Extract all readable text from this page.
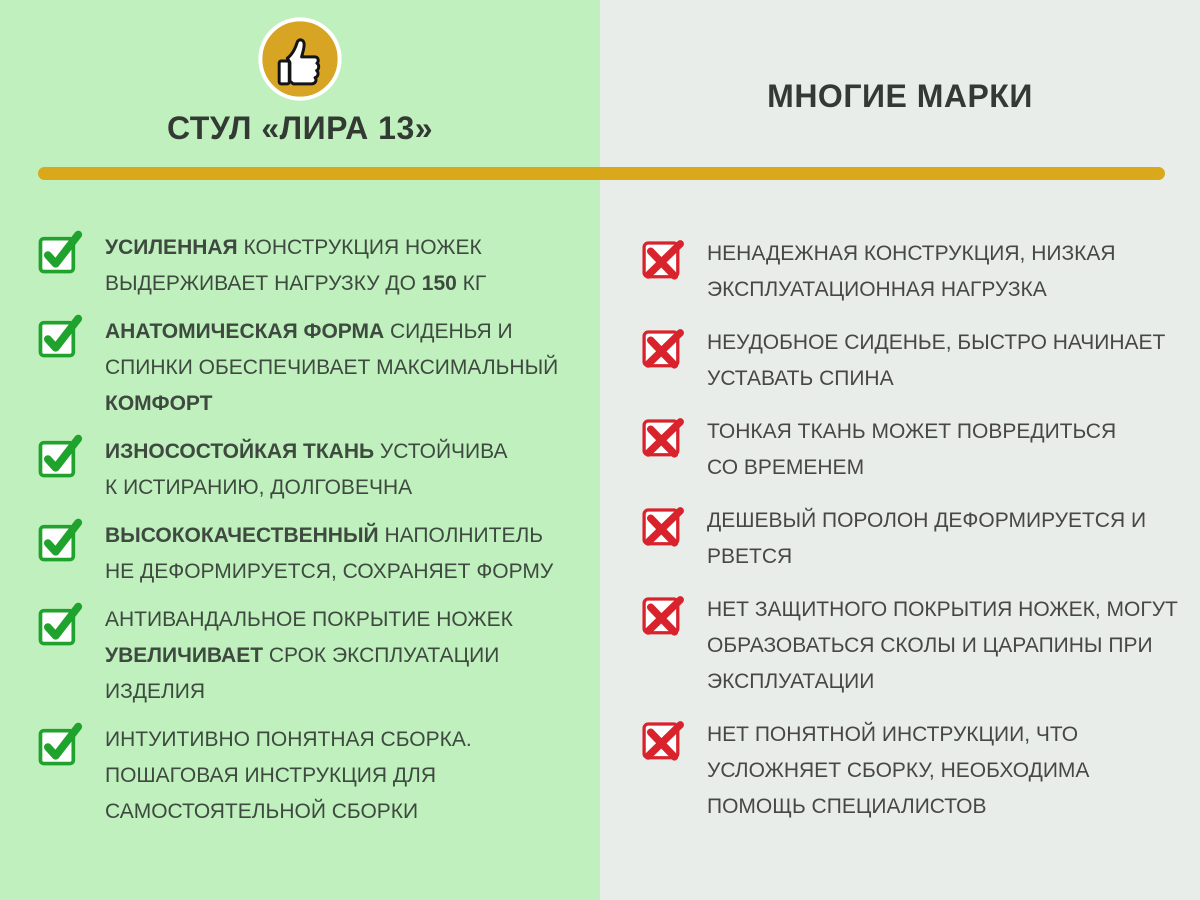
СТУЛ «ЛИРА 13»
МНОГИЕ МАРКИ

УСИЛЕННАЯ КОНСТРУКЦИЯ НОЖЕК
ВЫДЕРЖИВАЕТ НАГРУЗКУ ДО 150 КГ

АНАТОМИЧЕСКАЯ ФОРМА СИДЕНЬЯ И
СПИНКИ ОБЕСПЕЧИВАЕТ МАКСИМАЛЬНЫЙ
КОМФОРТ

ИЗНОСОСТОЙКАЯ ТКАНЬ УСТОЙЧИВА
К ИСТИРАНИЮ, ДОЛГОВЕЧНА

ВЫСОКОКАЧЕСТВЕННЫЙ НАПОЛНИТЕЛЬ
НЕ ДЕФОРМИРУЕТСЯ, СОХРАНЯЕТ ФОРМУ

АНТИВАНДАЛЬНОЕ ПОКРЫТИЕ НОЖЕК
УВЕЛИЧИВАЕТ СРОК ЭКСПЛУАТАЦИИ
ИЗДЕЛИЯ

ИНТУИТИВНО ПОНЯТНАЯ СБОРКА.
ПОШАГОВАЯ ИНСТРУКЦИЯ ДЛЯ
САМОСТОЯТЕЛЬНОЙ СБОРКИ

НЕНАДЕЖНАЯ КОНСТРУКЦИЯ, НИЗКАЯ
ЭКСПЛУАТАЦИОННАЯ НАГРУЗКА

НЕУДОБНОЕ СИДЕНЬЕ, БЫСТРО НАЧИНАЕТ
УСТАВАТЬ СПИНА

ТОНКАЯ ТКАНЬ МОЖЕТ ПОВРЕДИТЬСЯ
СО ВРЕМЕНЕМ

ДЕШЕВЫЙ ПОРОЛОН ДЕФОРМИРУЕТСЯ И
РВЕТСЯ

НЕТ ЗАЩИТНОГО ПОКРЫТИЯ НОЖЕК, МОГУТ
ОБРАЗОВАТЬСЯ СКОЛЫ И ЦАРАПИНЫ ПРИ
ЭКСПЛУАТАЦИИ

НЕТ ПОНЯТНОЙ ИНСТРУКЦИИ, ЧТО
УСЛОЖНЯЕТ СБОРКУ, НЕОБХОДИМА
ПОМОЩЬ СПЕЦИАЛИСТОВ
